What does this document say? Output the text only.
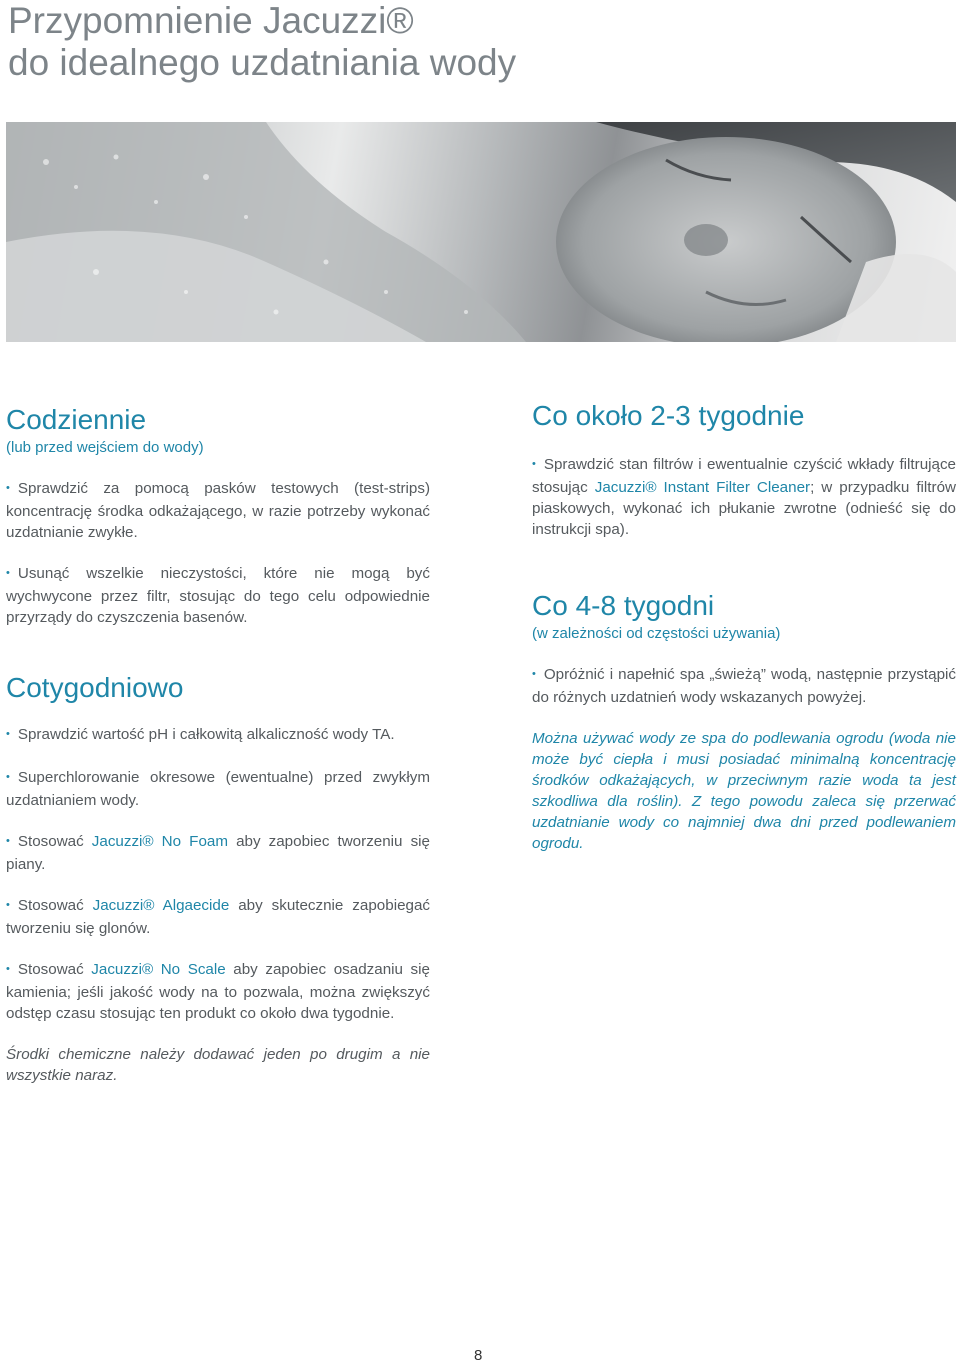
Przypomnienie Jacuzzi®
do idealnego uzdatniania wody
Codziennie

(lub przed wejściem do wody)

• Sprawdzić za pomocą pasków testowych (test-strips) koncentrację środka odkażającego, w razie potrzeby wykonać uzdatnianie zwykłe.

• Usunąć wszelkie nieczystości, które nie mogą być wychwycone przez filtr, stosując do tego celu odpowiednie przyrządy do czyszczenia basenów.

Cotygodniowo

• Sprawdzić wartość pH i całkowitą alkaliczność wody TA.

• Superchlorowanie okresowe (ewentualne) przed zwykłym uzdatnianiem wody.

• Stosować Jacuzzi® No Foam aby zapobiec tworzeniu się piany.

• Stosować Jacuzzi® Algaecide aby skutecznie zapobiegać tworzeniu się glonów.

• Stosować Jacuzzi® No Scale aby zapobiec osadzaniu się kamienia; jeśli jakość wody na to pozwala, można zwiększyć odstęp czasu stosując ten produkt co około dwa tygodnie.

Środki chemiczne należy dodawać jeden po drugim a nie wszystkie naraz.

Co około 2-3 tygodnie

• Sprawdzić stan filtrów i ewentualnie czyścić wkłady filtrujące stosując Jacuzzi® Instant Filter Cleaner; w przypadku filtrów piaskowych, wykonać ich płukanie zwrotne (odnieść się do instrukcji spa).

Co 4-8 tygodni

(w zależności od częstości używania)

• Opróżnić i napełnić spa „świeżą” wodą, następnie przystąpić do różnych uzdatnień wody wskazanych powyżej.

Można używać wody ze spa do podlewania ogrodu (woda nie może być ciepła i musi posiadać minimalną koncentrację środków odkażających, w przeciwnym razie woda ta jest szkodliwa dla roślin). Z tego powodu zaleca się przerwać uzdatnianie wody co najmniej dwa dni przed podlewaniem ogrodu.

8
